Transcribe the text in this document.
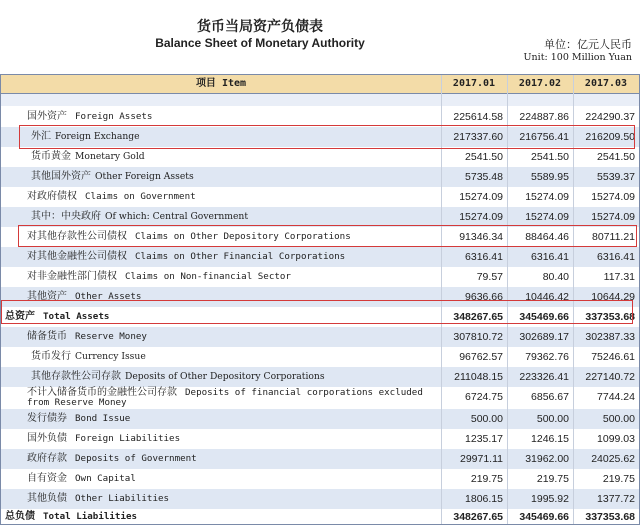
货币当局资产负债表
Balance Sheet of Monetary Authority	单位：亿元人民币
Unit: 100 Million Yuan
项目 Item	2017.01	2017.02	2017.03
国外资产 Foreign Assets	225614.58	224887.86	224290.37
外汇 Foreign Exchange	217337.60	216756.41	216209.50
货币黄金 Monetary Gold	2541.50	2541.50	2541.50
其他国外资产 Other Foreign Assets	5735.48	5589.95	5539.37
对政府债权 Claims on Government	15274.09	15274.09	15274.09
其中：中央政府 Of which: Central Government	15274.09	15274.09	15274.09
对其他存款性公司债权 Claims on Other Depository Corporations	91346.34	88464.46	80711.21
对其他金融性公司债权 Claims on Other Financial Corporations	6316.41	6316.41	6316.41
对非金融性部门债权 Claims on Non-financial Sector	79.57	80.40	117.31
其他资产 Other Assets	9636.66	10446.42	10644.29
总资产 Total Assets	348267.65	345469.66	337353.68
储备货币 Reserve Money	307810.72	302689.17	302387.33
货币发行 Currency Issue	96762.57	79362.76	75246.61
其他存款性公司存款 Deposits of Other Depository Corporations	211048.15	223326.41	227140.72
不计入储备货币的金融性公司存款 Deposits of financial corporations excluded
from Reserve Money	6724.75	6856.67	7744.24
发行债券 Bond Issue	500.00	500.00	500.00
国外负债 Foreign Liabilities	1235.17	1246.15	1099.03
政府存款 Deposits of Government	29971.11	31962.00	24025.62
自有资金 Own Capital	219.75	219.75	219.75
其他负债 Other Liabilities	1806.15	1995.92	1377.72
总负债 Total Liabilities	348267.65	345469.66	337353.68
